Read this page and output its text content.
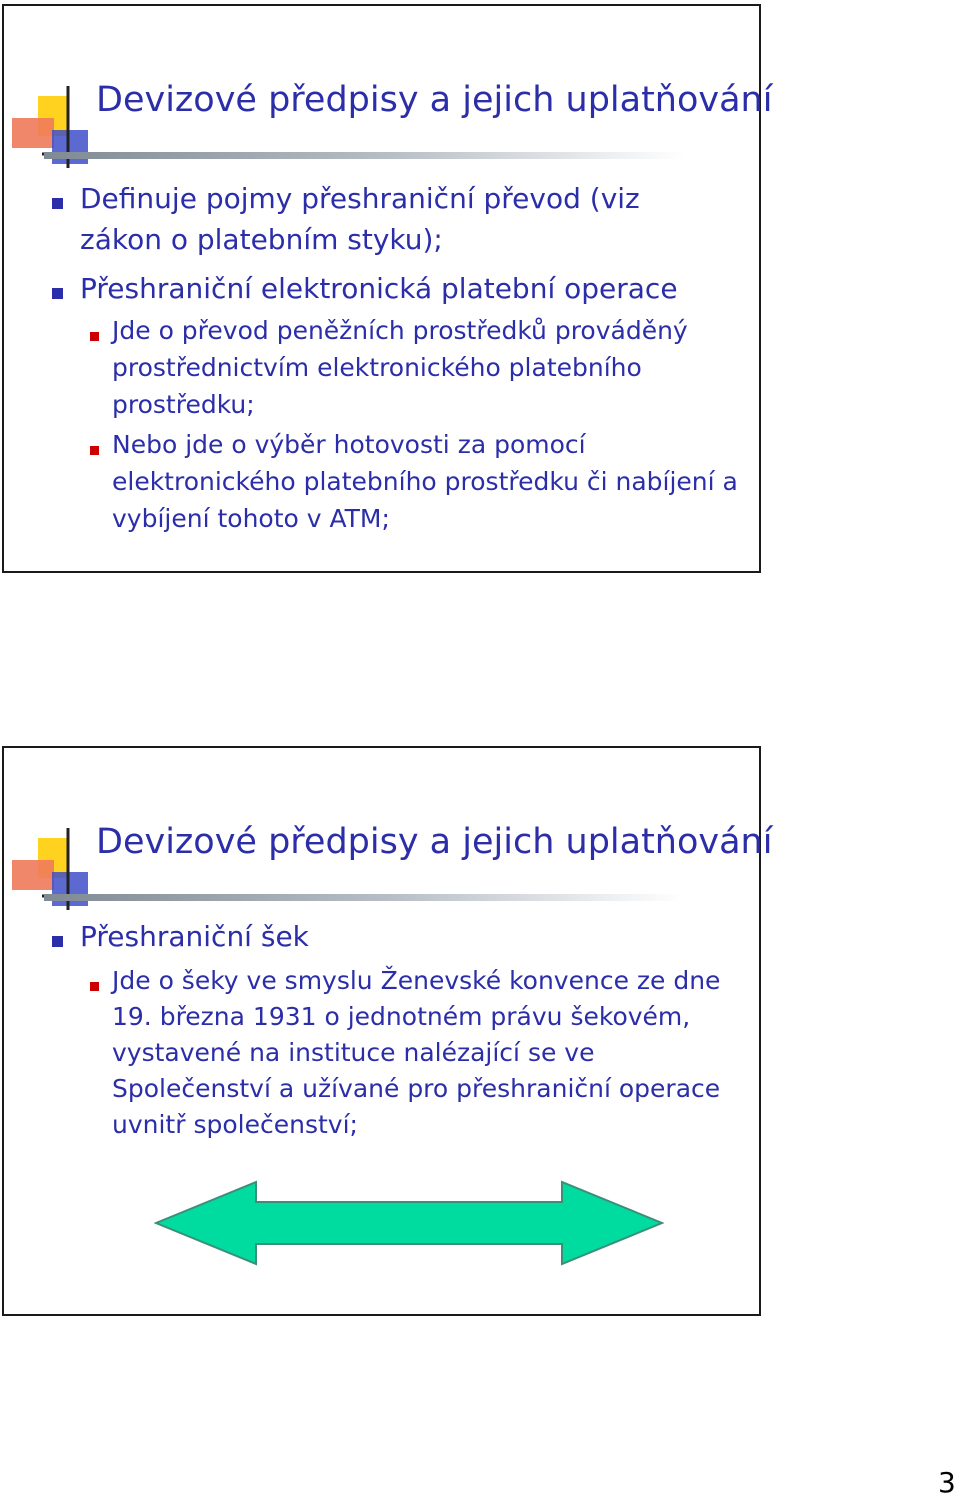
Devizové předpisy a jejich uplatňování

Definuje pojmy přeshraniční převod (viz zákon o platebním styku);

Přeshraniční elektronická platební operace

Jde o převod peněžních prostředků prováděný prostřednictvím elektronického platebního prostředku;

Nebo jde o výběr hotovosti za pomocí elektronického platebního prostředku či nabíjení a vybíjení tohoto v ATM;

Devizové předpisy a jejich uplatňování

Přeshraniční šek

Jde o šeky ve smyslu Ženevské konvence ze dne 19. března 1931 o jednotném právu šekovém, vystavené na instituce nalézající se ve Společenství a užívané pro přeshraniční operace uvnitř společenství;

3
